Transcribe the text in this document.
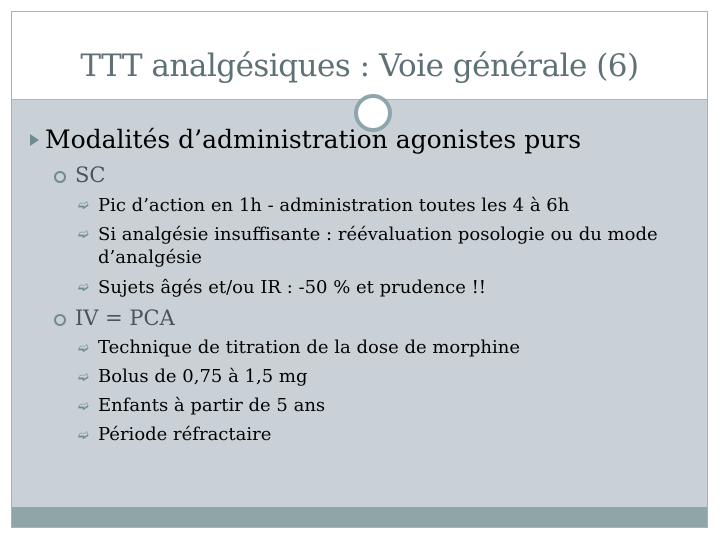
TTT analgésiques : Voie générale (6)
Modalités d’administration agonistes purs
SC
➫ Pic d’action en 1h - administration toutes les 4 à 6h
➫ Si analgésie insuffisante : réévaluation posologie ou du mode
d’analgésie
➫ Sujets âgés et/ou IR : -50 % et prudence !!
IV = PCA
➫ Technique de titration de la dose de morphine
➫ Bolus de 0,75 à 1,5 mg
➫ Enfants à partir de 5 ans
➫ Période réfractaire
